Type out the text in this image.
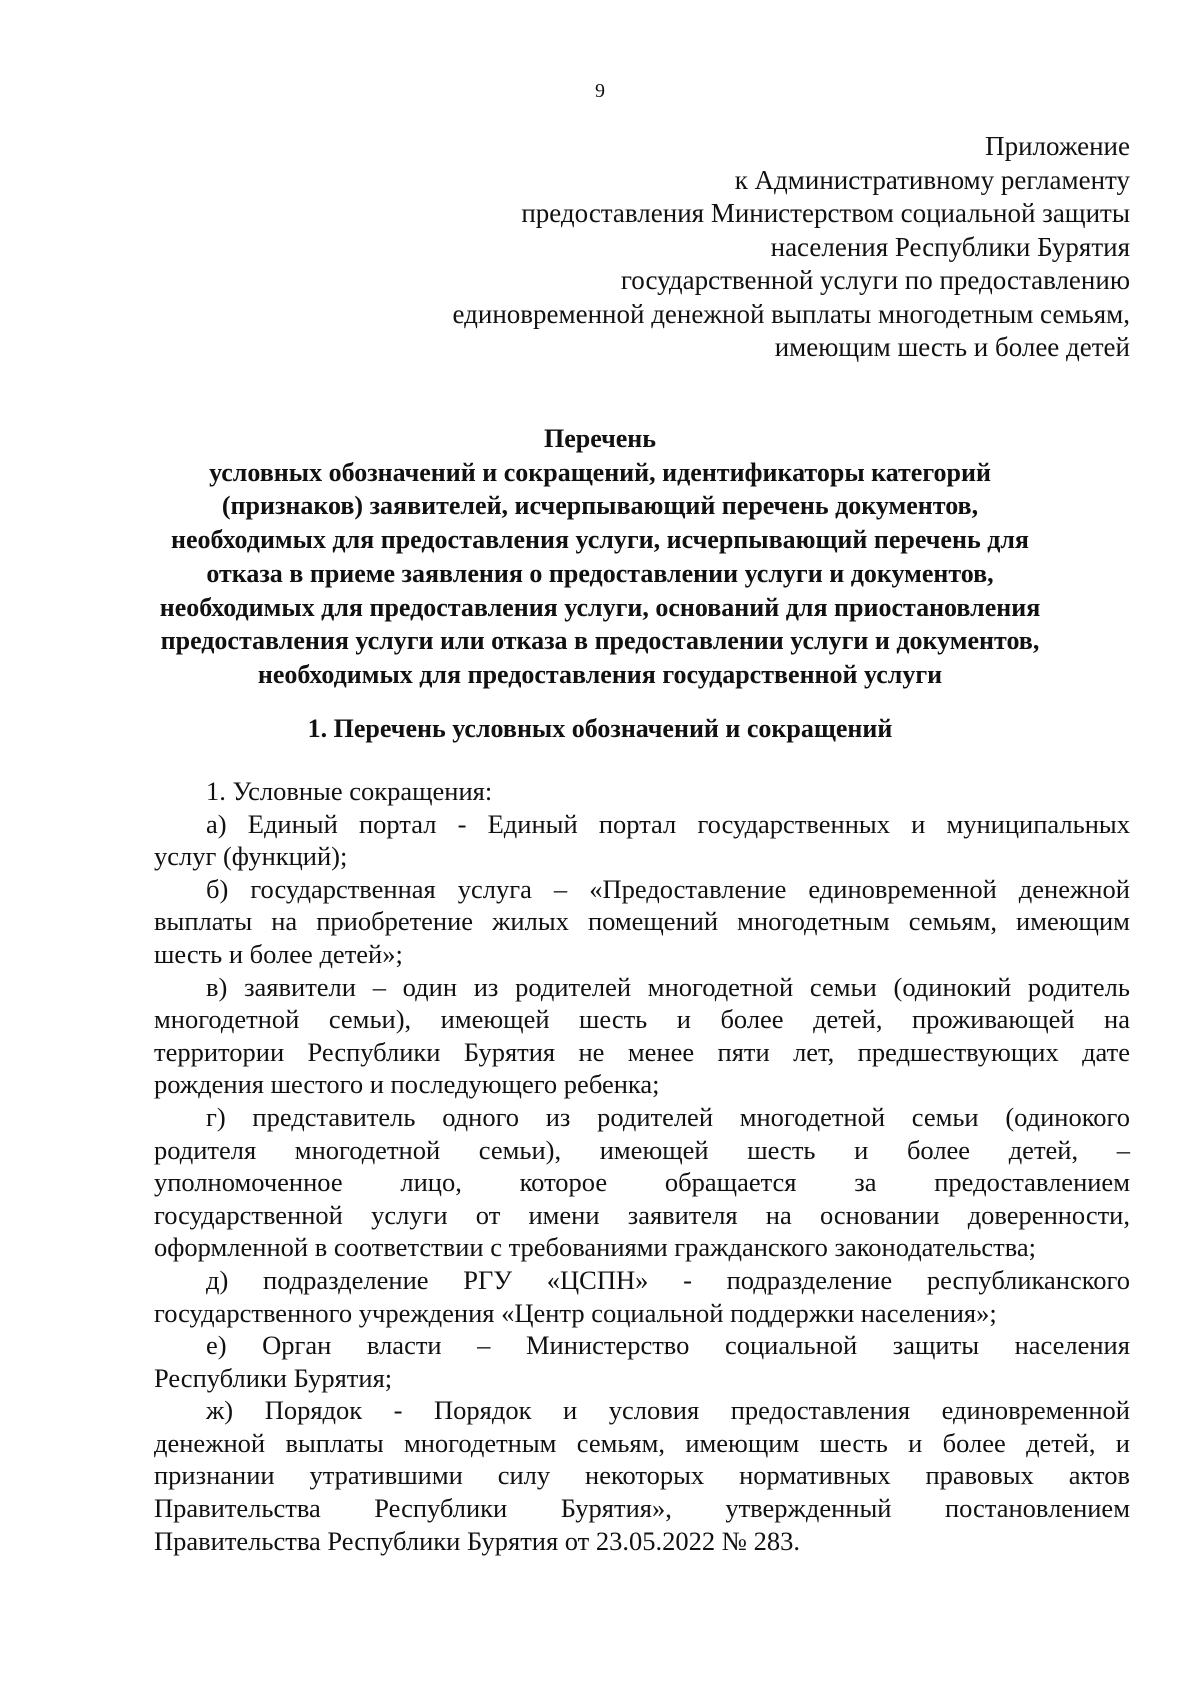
9
Приложение
к Административному регламенту
предоставления Министерством социальной защиты
населения Республики Бурятия
государственной услуги по предоставлению
единовременной денежной выплаты многодетным семьям,
имеющим шесть и более детей
Перечень
условных обозначений и сокращений, идентификаторы категорий
(признаков) заявителей, исчерпывающий перечень документов,
необходимых для предоставления услуги, исчерпывающий перечень для
отказа в приеме заявления о предоставлении услуги и документов,
необходимых для предоставления услуги, оснований для приостановления
предоставления услуги или отказа в предоставлении услуги и документов,
необходимых для предоставления государственной услуги
1. Перечень условных обозначений и сокращений
1. Условные сокращения:
а) Единый портал - Единый портал государственных и муниципальных
услуг (функций);
б) государственная услуга – «Предоставление единовременной денежной
выплаты на приобретение жилых помещений многодетным семьям, имеющим
шесть и более детей»;
в) заявители – один из родителей многодетной семьи (одинокий родитель
многодетной семьи), имеющей шесть и более детей, проживающей на
территории Республики Бурятия не менее пяти лет, предшествующих дате
рождения шестого и последующего ребенка;
г) представитель одного из родителей многодетной семьи (одинокого
родителя многодетной семьи), имеющей шесть и более детей, –
уполномоченное лицо, которое обращается за предоставлением
государственной услуги от имени заявителя на основании доверенности,
оформленной в соответствии с требованиями гражданского законодательства;
д) подразделение РГУ «ЦСПН» - подразделение республиканского
государственного учреждения «Центр социальной поддержки населения»;
е) Орган власти – Министерство социальной защиты населения
Республики Бурятия;
ж) Порядок - Порядок и условия предоставления единовременной
денежной выплаты многодетным семьям, имеющим шесть и более детей, и
признании утратившими силу некоторых нормативных правовых актов
Правительства Республики Бурятия», утвержденный постановлением
Правительства Республики Бурятия от 23.05.2022 № 283.
